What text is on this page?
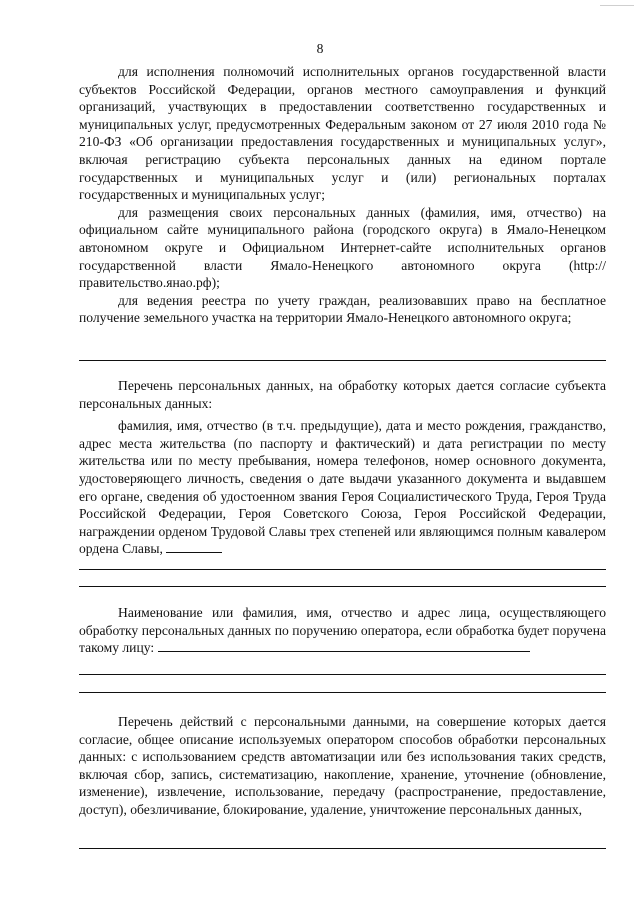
8

для исполнения полномочий исполнительных органов государственной власти субъектов Российской Федерации, органов местного самоуправления и функций организаций, участвующих в предоставлении соответственно государственных и муниципальных услуг, предусмотренных Федеральным законом от 27 июля 2010 года № 210-ФЗ «Об организации предоставления государственных и муниципальных услуг», включая регистрацию субъекта персональных данных на едином портале государственных и муниципальных услуг и (или) региональных порталах государственных и муниципальных услуг;

для размещения своих персональных данных (фамилия, имя, отчество) на официальном сайте муниципального района (городского округа) в Ямало-Ненецком автономном округе и Официальном Интернет-сайте исполнительных органов государственной власти Ямало-Ненецкого автономного округа (http://правительство.янао.рф);

для ведения реестра по учету граждан, реализовавших право на бесплатное получение земельного участка на территории Ямало-Ненецкого автономного округа;

Перечень персональных данных, на обработку которых дается согласие субъекта персональных данных:

фамилия, имя, отчество (в т.ч. предыдущие), дата и место рождения, гражданство, адрес места жительства (по паспорту и фактический) и дата регистрации по месту жительства или по месту пребывания, номера телефонов, номер основного документа, удостоверяющего личность, сведения о дате выдачи указанного документа и выдавшем его органе, сведения об удостоенном звания Героя Социалистического Труда, Героя Труда Российской Федерации, Героя Советского Союза, Героя Российской Федерации, награждении орденом Трудовой Славы трех степеней или являющимся полным кавалером ордена Славы,

Наименование или фамилия, имя, отчество и адрес лица, осуществляющего обработку персональных данных по поручению оператора, если обработка будет поручена такому лицу:

Перечень действий с персональными данными, на совершение которых дается согласие, общее описание используемых оператором способов обработки персональных данных: с использованием средств автоматизации или без использования таких средств, включая сбор, запись, систематизацию, накопление, хранение, уточнение (обновление, изменение), извлечение, использование, передачу (распространение, предоставление, доступ), обезличивание, блокирование, удаление, уничтожение персональных данных,
